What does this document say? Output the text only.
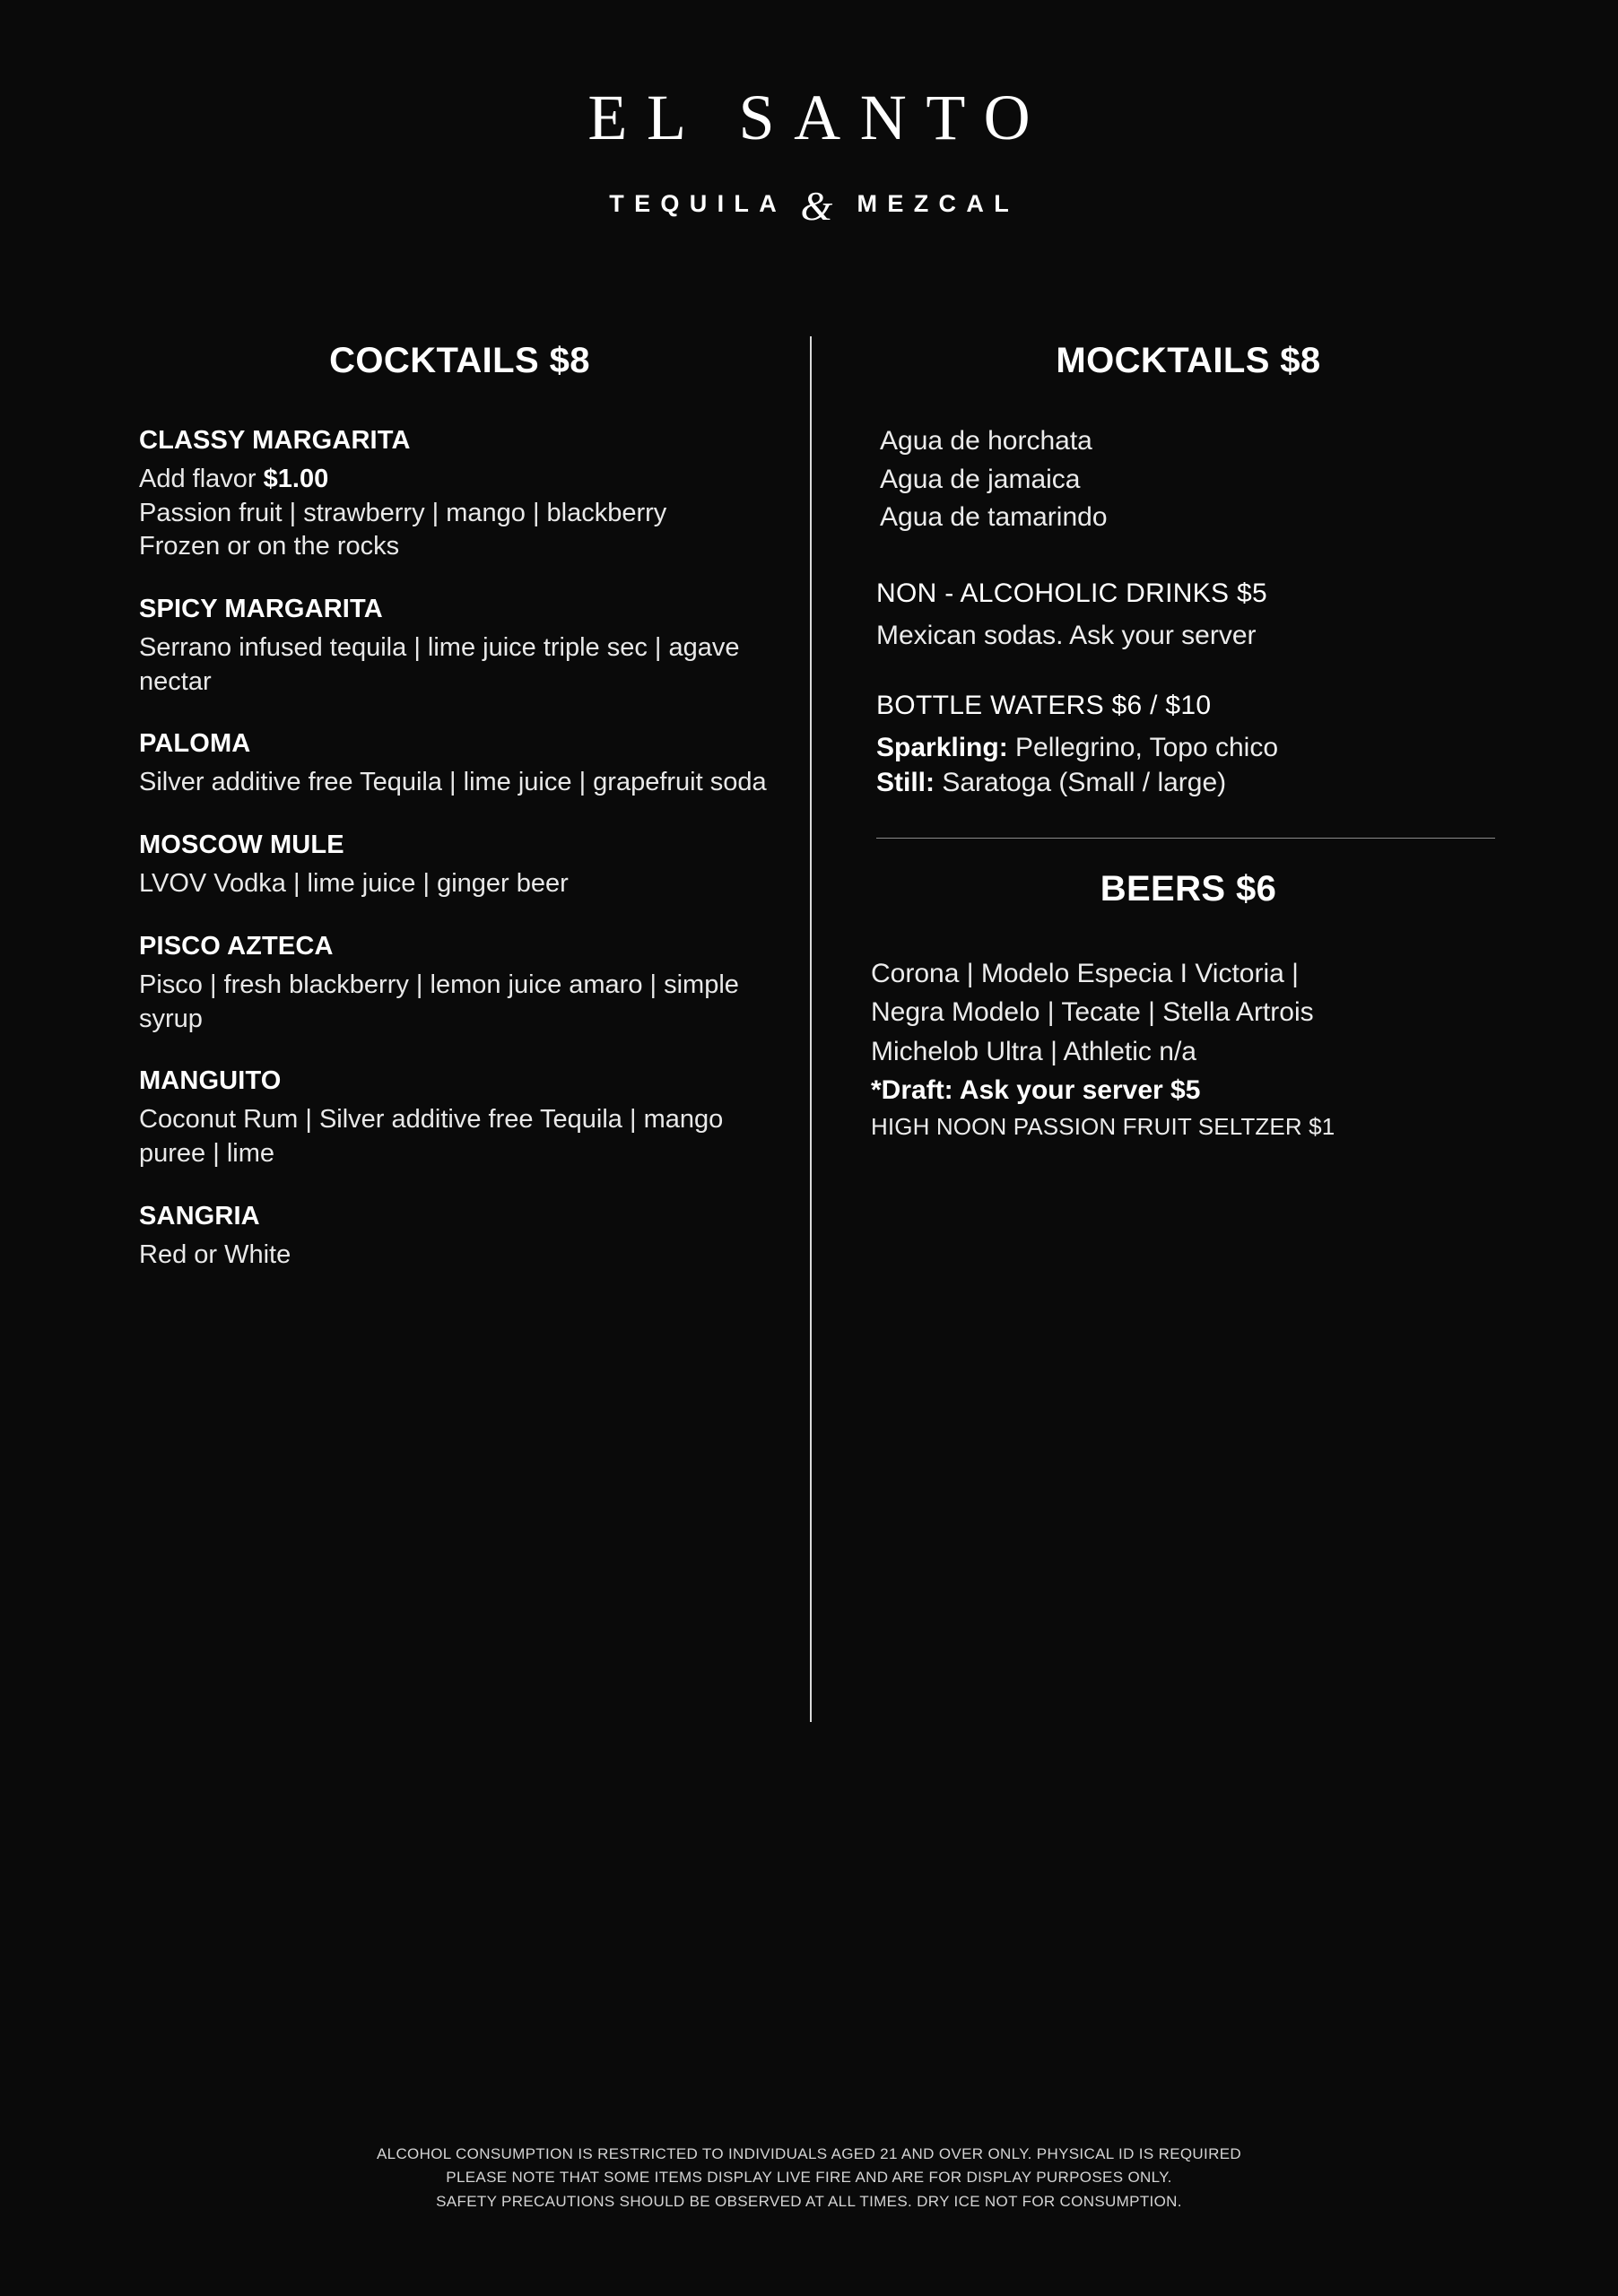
EL SANTO
TEQUILA &	MEZCAL
COCKTAILS $8
CLASSY MARGARITA
Add flavor $1.00
Passion fruit | strawberry | mango | blackberry
Frozen or on the rocks
SPICY MARGARITA
Serrano infused tequila | lime juice triple sec | agave nectar
PALOMA
Silver additive free Tequila | lime juice | grapefruit soda
MOSCOW MULE
LVOV Vodka | lime juice | ginger beer
PISCO AZTECA
Pisco | fresh blackberry | lemon juice amaro | simple syrup
MANGUITO
Coconut Rum | Silver additive free Tequila | mango puree | lime
SANGRIA
Red or White
MOCKTAILS $8
Agua de horchata
Agua de jamaica
Agua de tamarindo
NON - ALCOHOLIC DRINKS $5
Mexican sodas. Ask your server
BOTTLE WATERS $6 / $10
Sparkling: Pellegrino, Topo chico
Still: Saratoga (Small / large)
BEERS $6
Corona | Modelo Especia I Victoria |
Negra Modelo | Tecate | Stella Artrois
Michelob Ultra | Athletic n/a
*Draft: Ask your server $5
HIGH NOON PASSION FRUIT SELTZER $1
ALCOHOL CONSUMPTION IS RESTRICTED TO INDIVIDUALS AGED 21 AND OVER ONLY. PHYSICAL ID IS REQUIRED
PLEASE NOTE THAT SOME ITEMS DISPLAY LIVE FIRE AND ARE FOR DISPLAY PURPOSES ONLY.
SAFETY PRECAUTIONS SHOULD BE OBSERVED AT ALL TIMES. DRY ICE NOT FOR CONSUMPTION.
